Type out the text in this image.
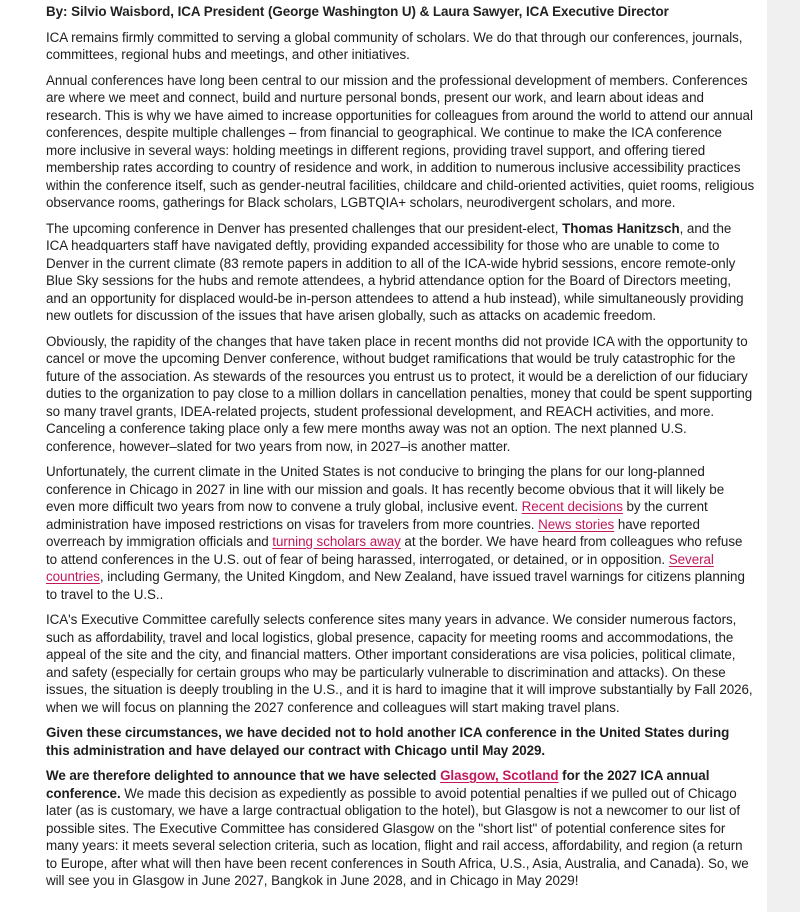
By: Silvio Waisbord, ICA President (George Washington U) & Laura Sawyer, ICA Executive Director

ICA remains firmly committed to serving a global community of scholars. We do that through our conferences, journals, committees, regional hubs and meetings, and other initiatives.

Annual conferences have long been central to our mission and the professional development of members. Conferences are where we meet and connect, build and nurture personal bonds, present our work, and learn about ideas and research. This is why we have aimed to increase opportunities for colleagues from around the world to attend our annual conferences, despite multiple challenges – from financial to geographical. We continue to make the ICA conference more inclusive in several ways: holding meetings in different regions, providing travel support, and offering tiered membership rates according to country of residence and work, in addition to numerous inclusive accessibility practices within the conference itself, such as gender-neutral facilities, childcare and child-oriented activities, quiet rooms, religious observance rooms, gatherings for Black scholars, LGBTQIA+ scholars, neurodivergent scholars, and more.

The upcoming conference in Denver has presented challenges that our president-elect, Thomas Hanitzsch, and the ICA headquarters staff have navigated deftly, providing expanded accessibility for those who are unable to come to Denver in the current climate (83 remote papers in addition to all of the ICA-wide hybrid sessions, encore remote-only Blue Sky sessions for the hubs and remote attendees, a hybrid attendance option for the Board of Directors meeting, and an opportunity for displaced would-be in-person attendees to attend a hub instead), while simultaneously providing new outlets for discussion of the issues that have arisen globally, such as attacks on academic freedom.

Obviously, the rapidity of the changes that have taken place in recent months did not provide ICA with the opportunity to cancel or move the upcoming Denver conference, without budget ramifications that would be truly catastrophic for the future of the association. As stewards of the resources you entrust us to protect, it would be a dereliction of our fiduciary duties to the organization to pay close to a million dollars in cancellation penalties, money that could be spent supporting so many travel grants, IDEA-related projects, student professional development, and REACH activities, and more. Canceling a conference taking place only a few mere months away was not an option. The next planned U.S. conference, however–slated for two years from now, in 2027–is another matter.

Unfortunately, the current climate in the United States is not conducive to bringing the plans for our long-planned conference in Chicago in 2027 in line with our mission and goals. It has recently become obvious that it will likely be even more difficult two years from now to convene a truly global, inclusive event. Recent decisions by the current administration have imposed restrictions on visas for travelers from more countries. News stories have reported overreach by immigration officials and turning scholars away at the border. We have heard from colleagues who refuse to attend conferences in the U.S. out of fear of being harassed, interrogated, or detained, or in opposition. Several countries, including Germany, the United Kingdom, and New Zealand, have issued travel warnings for citizens planning to travel to the U.S..

ICA's Executive Committee carefully selects conference sites many years in advance. We consider numerous factors, such as affordability, travel and local logistics, global presence, capacity for meeting rooms and accommodations, the appeal of the site and the city, and financial matters. Other important considerations are visa policies, political climate, and safety (especially for certain groups who may be particularly vulnerable to discrimination and attacks). On these issues, the situation is deeply troubling in the U.S., and it is hard to imagine that it will improve substantially by Fall 2026, when we will focus on planning the 2027 conference and colleagues will start making travel plans.

Given these circumstances, we have decided not to hold another ICA conference in the United States during this administration and have delayed our contract with Chicago until May 2029.

We are therefore delighted to announce that we have selected Glasgow, Scotland for the 2027 ICA annual conference. We made this decision as expediently as possible to avoid potential penalties if we pulled out of Chicago later (as is customary, we have a large contractual obligation to the hotel), but Glasgow is not a newcomer to our list of possible sites. The Executive Committee has considered Glasgow on the "short list" of potential conference sites for many years: it meets several selection criteria, such as location, flight and rail access, affordability, and region (a return to Europe, after what will then have been recent conferences in South Africa, U.S., Asia, Australia, and Canada). So, we will see you in Glasgow in June 2027, Bangkok in June 2028, and in Chicago in May 2029!
